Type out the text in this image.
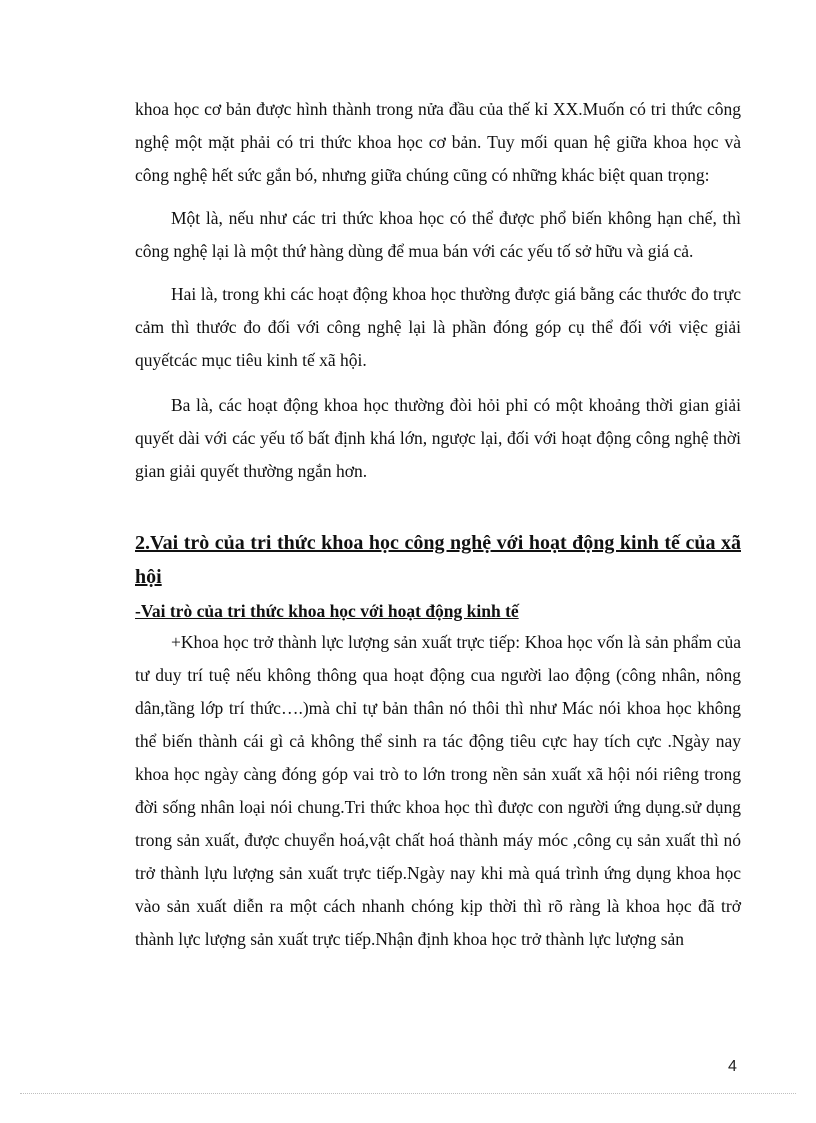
khoa học cơ bản được hình thành trong nửa đầu của thế kỉ XX.Muốn có tri thức công nghệ một mặt phải có tri thức khoa học cơ bản. Tuy mối quan hệ giữa khoa học và công nghệ hết sức gắn bó, nhưng giữa chúng cũng có những khác biệt quan trọng:

Một là, nếu như các tri thức khoa học có thể được phổ biến không hạn chế, thì công nghệ lại là một thứ hàng dùng để mua bán với các yếu tố sở hữu và giá cả.

Hai là, trong khi các hoạt động khoa học thường được giá bằng các thước đo trực cảm thì thước đo đối với công nghệ lại là phần đóng góp cụ thể đối với việc giải quyếtcác mục tiêu kinh tế xã hội.

Ba là, các hoạt động khoa học thường đòi hỏi phỉ có một khoảng thời gian giải quyết dài với các yếu tố bất định khá lớn, ngược lại, đối với hoạt động công nghệ thời gian giải quyết thường ngắn hơn.

2.Vai trò của tri thức khoa học công nghệ với hoạt động kinh tế của xã hội
-Vai trò của tri thức khoa học với hoạt động kinh tế

+Khoa học trở thành lực lượng sản xuất trực tiếp: Khoa học vốn là sản phẩm của tư duy trí tuệ nếu không thông qua hoạt động cua người lao động (công nhân, nông dân,tầng lớp trí thức….)mà chỉ tự bản thân nó thôi thì như Mác nói khoa học không thể biến thành cái gì cả không thể sinh ra tác động tiêu cực hay tích cực .Ngày nay khoa học ngày càng đóng góp vai trò to lớn trong nền sản xuất xã hội nói riêng trong đời sống nhân loại nói chung.Tri thức khoa học thì được con người ứng dụng.sử dụng trong sản xuất, được chuyển hoá,vật chất hoá thành máy móc ,công cụ sản xuất thì nó trở thành lựu lượng sản xuất trực tiếp.Ngày nay khi mà quá trình ứng dụng khoa học vào sản xuất diễn ra một cách nhanh chóng kịp thời thì rõ ràng là khoa học đã trở thành lực lượng sản xuất trực tiếp.Nhận định khoa học trở thành lực lượng sản

4
